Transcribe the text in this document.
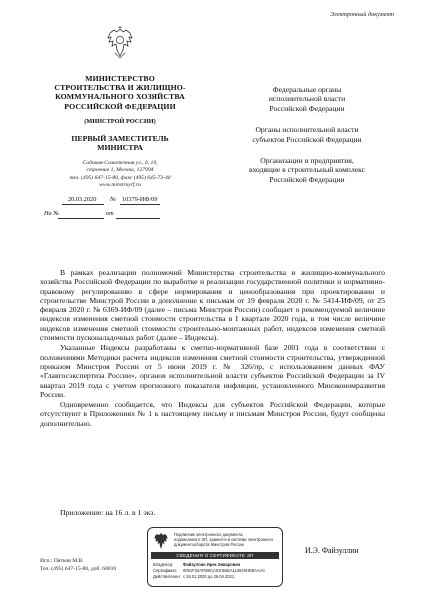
Электронный документ
МИНИСТЕРСТВО
СТРОИТЕЛЬСТВА И ЖИЛИЩНО-
КОММУНАЛЬНОГО ХОЗЯЙСТВА
РОССИЙСКОЙ ФЕДЕРАЦИИ
(МИНСТРОЙ РОССИИ)
ПЕРВЫЙ ЗАМЕСТИТЕЛЬ
МИНИСТРА
Садовая-Самотечная ул., д. 10,
строение 1, Москва, 127994
тел. (495) 647-15-80, факс (495) 645-73-40
www.minstroyrf.ru
20.03.2020 № 10379-ИФ/09
На №	от
Федеральные органы
исполнительной власти
Российской Федерации
Органы исполнительной власти
субъектов Российской Федерации
Организации и предприятия,
входящие в строительный комплекс
Российской Федерации

В рамках реализации полномочий Министерства строительства и жилищно-коммунального хозяйства Российской Федерации по выработке и реализации государственной политики и нормативно-правовому регулированию в сфере нормирования и ценообразования при проектировании и строительстве Минстрой России в дополнение к письмам от 19 февраля 2020 г. № 5414-ИФ/09, от 25 февраля 2020 г. № 6369-ИФ/09 (далее – письма Минстроя России) сообщает о рекомендуемой величине индексов изменения сметной стоимости строительства в I квартале 2020 года, в том числе величине индексов изменения сметной стоимости строительно-монтажных работ, индексов изменения сметной стоимости пусконаладочных работ (далее – Индексы).

Указанные Индексы разработаны к сметно-нормативной базе 2001 года в соответствии с положениями Методики расчета индексов изменения сметной стоимости строительства, утвержденной приказом Минстроя России от 5 июня 2019 г. № 326/пр, с использованием данных ФАУ «Главгосэкспертиза России», органов исполнительной власти субъектов Российской Федерации за IV квартал 2019 года с учетом прогнозного показателя инфляции, установленного Минэкономразвития России.

Одновременно сообщается, что Индексы для субъектов Российской Федерации, которые отсутствуют в Приложениях № 1 к настоящему письму и письмам Минстроя России, будут сообщены дополнительно.

Приложение: на 16 л. в 1 экз.
Подлинник электронного документа,
подписанного ЭП, хранится в системе электронного
документооборота Минстроя России
СВЕДЕНИЯ О СЕРТИФИКАТЕ ЭП
Владелец: Файзуллин Ирек Энварович
Сертификат: 0091F32AFDBCA01094EA113640HD8AAAC
Действителен: с 26.01.2020 до 26.04.2021
И.Э. Файзуллин
Исп.: Пятков М.В.
Тел. (495) 647-15-80, доб. 60010
